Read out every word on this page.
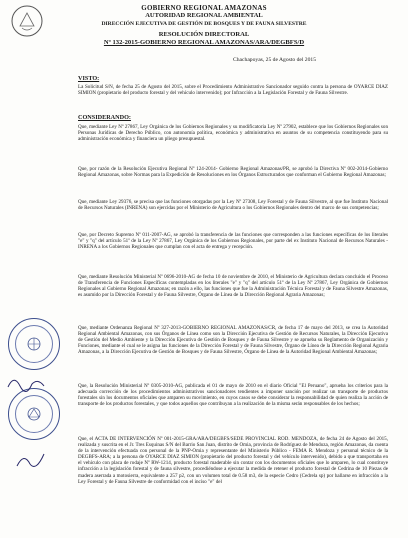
GOBIERNO REGIONAL AMAZONAS
AUTORIDAD REGIONAL AMBIENTAL
DIRECCIÓN EJECUTIVA DE GESTIÓN DE BOSQUES Y DE FAUNA SILVESTRE
RESOLUCIÓN DIRECTORAL
Nº 132-2015-GOBIERNO REGIONAL AMAZONAS/ARA/DEGBFS/D
Chachapoyas, 25 de Agosto del 2015
VISTO:
La Solicitud S/N, de fecha 25 de Agosto del 2015, sobre el Procedimiento Administrativo Sancionador seguido contra la persona de OYARCE DIAZ SIMION (propietario del producto forestal y del vehículo intervenido); por Infracción a la Legislación Forestal y de Fauna Silvestre.
CONSIDERANDO:
Que, mediante Ley Nº 27867, Ley Orgánica de los Gobiernos Regionales y su modificatoria Ley Nº 27902, establece que los Gobiernos Regionales son Personas Jurídicas de Derecho Público, con autonomía política, económica y administrativa en asuntos de su competencia constituyendo para su administración económica y financiera un pliego presupuestal.
Que, por razón de la Resolución Ejecutiva Regional Nº 124-2014- Gobierno Regional Amazonas/PR, se aprobó la Directiva Nº 002-2014-Gobierno Regional Amazonas, sobre Normas para la Expedición de Resoluciones en los Órganos Estructurados que conforman el Gobierno Regional Amazonas;
Que, mediante Ley 29376, se precisa que las funciones otorgadas por la Ley Nº 27308, Ley Forestal y de Fauna Silvestre, al que fue Instituto Nacional de Recursos Naturales (INRENA) son ejercidas por el Ministerio de Agricultura o los Gobiernos Regionales dentro del marco de sus competencias;
Que, por Decreto Supremo Nº 011-2007-AG, se aprobó la transferencia de las funciones que corresponden a las funciones específicas de los literales "e" y "q" del artículo 51º de la Ley Nº 27867, Ley Orgánica de los Gobiernos Regionales, por parte del ex Instituto Nacional de Recursos Naturales - INRENA a los Gobiernos Regionales que cumplan con el acta de entrega y recepción.
Que, mediante Resolución Ministerial Nº 0696-2010-AG de fecha 10 de noviembre de 2010, el Ministerio de Agricultura declara concluido el Proceso de Transferencia de Funciones Específicas contempladas en los literales "e" y "q" del artículo 51º de la Ley Nº 27867, Ley Orgánica de Gobiernos Regionales al Gobierno Regional Amazonas; en razón a ello, las funciones que fue la Administración Técnica Forestal y de Fauna Silvestre Amazonas, es asumido por la Dirección Forestal y de Fauna Silvestre, Órgano de Línea de la Dirección Regional Agraria Amazonas;
Que, mediante Ordenanza Regional Nº 327-2013-GOBIERNO REGIONAL AMAZONAS/CR, de fecha 17 de mayo del 2013, se crea la Autoridad Regional Ambiental Amazonas, con sus Órganos de Línea como son la Dirección Ejecutiva de Gestión de Recursos Naturales, la Dirección Ejecutiva de Gestión del Medio Ambiente y la Dirección Ejecutiva de Gestión de Bosques y de Fauna Silvestre y se aprueba su Reglamento de Organización y Funciones, mediante el cual se le asigna las funciones de la Dirección Forestal y de Fauna Silvestre, Órgano de Línea de la Dirección Regional Agraria Amazonas, a la Dirección Ejecutiva de Gestión de Bosques y de Fauna Silvestre, Órgano de Línea de la Autoridad Regional Ambiental Amazonas;
Que, la Resolución Ministerial Nº 0305-2010-AG, publicada el 01 de mayo de 2010 en el diario Oficial "El Peruano", aprueba los criterios para la adecuada corrección de los procedimientos administrativos sancionadores tendientes a imponer sanción por realizar un transporte de productos forestales sin los documentos oficiales que amparen su movimiento, en cuyos casos se debe considerar la responsabilidad de quien realiza la acción de transporte de los productos forestales, y que todos aquellos que contribuyan a la realización de la misma serán responsables de los hechos;
Que, el ACTA DE INTERVENCIÓN Nº 001-2015-GRA/ARA/DEGBFS/SEDE PROVINCIAL ROD. MENDOZA, de fecha 24 de Agosto del 2015, realizada y suscrita en el Jr. Tres Esquinas S/N del Barrio San Juan, distrito de Omia, provincia de Rodríguez de Mendoza, región Amazonas, da cuenta de la intervención efectuada con personal de la PNP-Omia y representante del Ministerio Público - FEMA R. Mendoza y personal técnico de la DEGBFS-ARA; a la persona de OYARCE DIAZ SIMION (propietario del producto forestal y del vehículo intervenido), debido a que transportaba en el vehículo con placa de rodaje Nº RW-1214, producto forestal maderable sin contar con los documentos oficiales que lo amparen, lo cual constituye infracción a la legislación forestal y de fauna silvestre, procediéndose a ejecutar la medida de retener el producto forestal de Cedrina de 10 Piezas de madera aserrada a motosierra, equivalente a 257 p2, con un volumen total de 0.58 m3, de la especie Cedro (Cedrela sp) por hallarse en infracción a la Ley Forestal y de Fauna Silvestre de conformidad con el inciso "e" del
